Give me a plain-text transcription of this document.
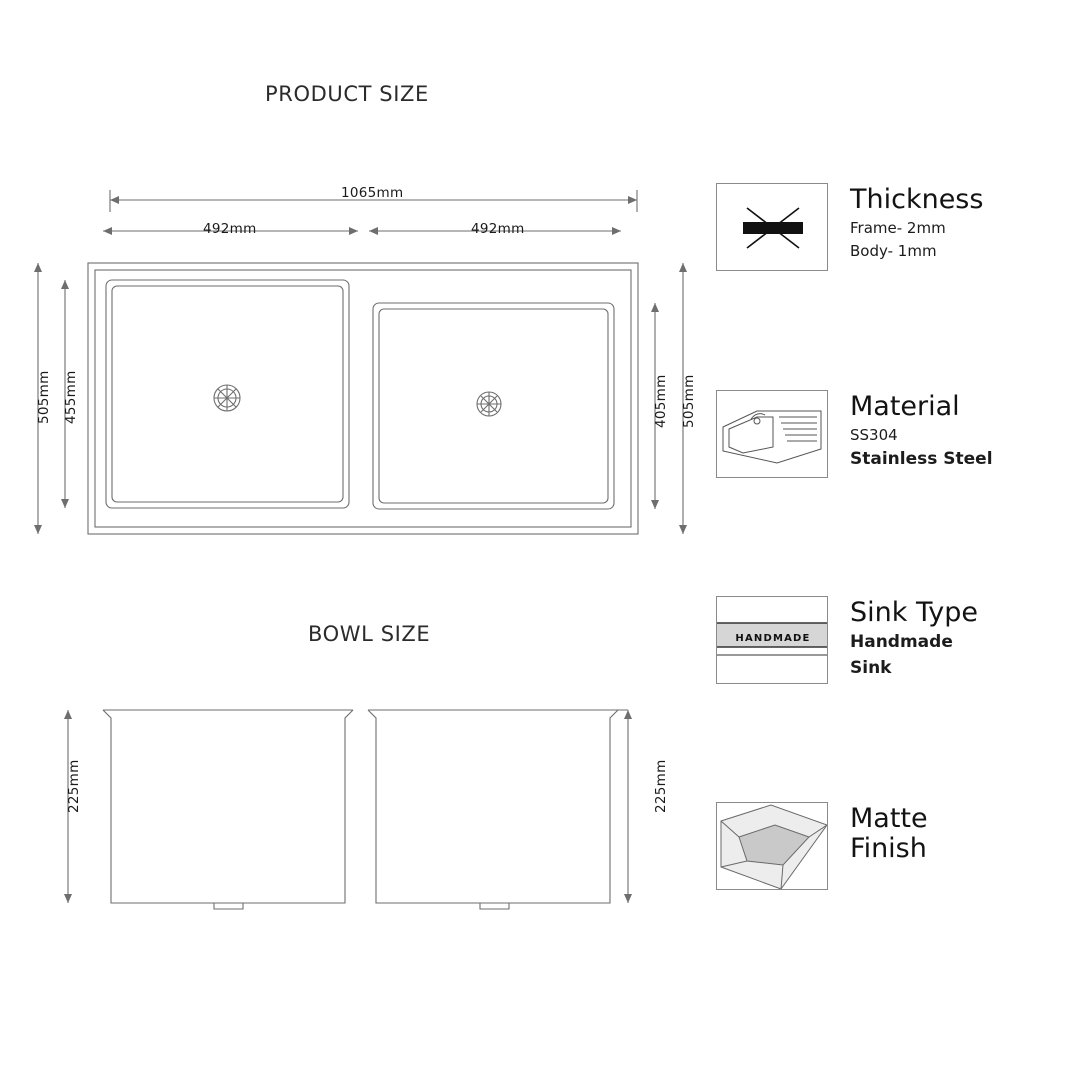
PRODUCT SIZE
1065mm
492mm	492mm
505mm 455mm	405mm 505mm
BOWL SIZE
225mm	225mm
Thickness
Frame- 2mm
Body- 1mm
Material
SS304
Stainless Steel
HANDMADE
Sink Type
Handmade
Sink
Matte
Finish
